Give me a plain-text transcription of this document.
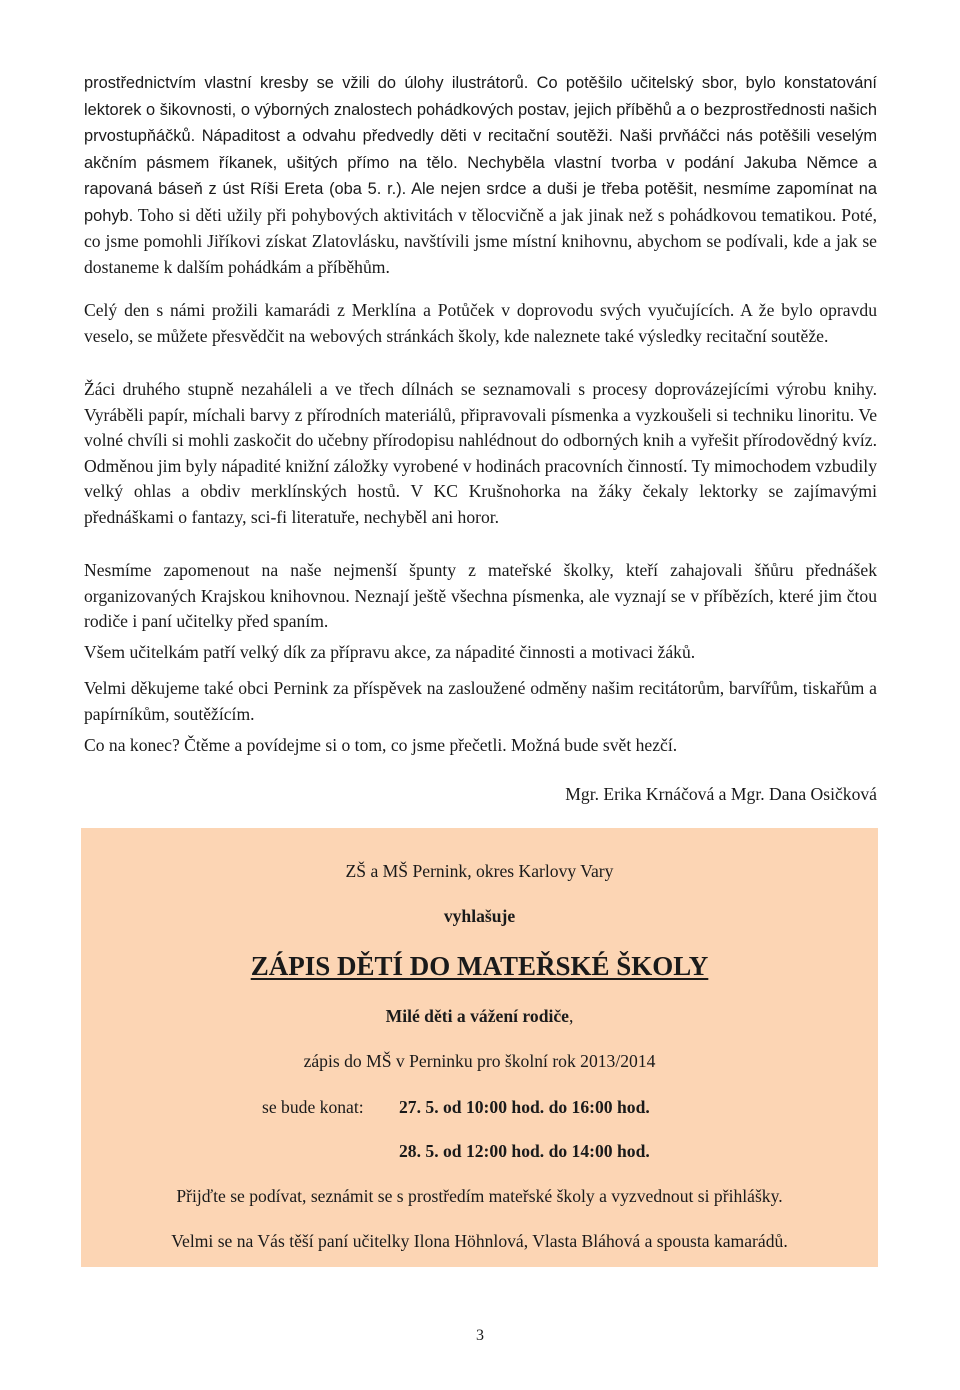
prostřednictvím vlastní kresby se vžili do úlohy ilustrátorů. Co potěšilo učitelský sbor, bylo konstatování lektorek o šikovnosti, o výborných znalostech pohádkových postav, jejich příběhů a o bezprostřednosti našich prvostupňáčků. Nápaditost a odvahu předvedly děti v recitační soutěži. Naši prvňáčci nás potěšili veselým akčním pásmem říkanek, ušitých přímo na tělo. Nechyběla vlastní tvorba v podání Jakuba Němce a rapovaná báseň z úst Ríši Ereta (oba 5. r.). Ale nejen srdce a duši je třeba potěšit, nesmíme zapomínat na pohyb. Toho si děti užily při pohybových aktivitách v tělocvičně a jak jinak než s pohádkovou tematikou. Poté, co jsme pomohli Jiříkovi získat Zlatovlásku, navštívili jsme místní knihovnu, abychom se podívali, kde a jak se dostaneme k dalším pohádkám a příběhům.

Celý den s námi prožili kamarádi z Merklína a Potůček v doprovodu svých vyučujících. A že bylo opravdu veselo, se můžete přesvědčit na webových stránkách školy, kde naleznete také výsledky recitační soutěže.

Žáci druhého stupně nezaháleli a ve třech dílnách se seznamovali s procesy doprovázejícími výrobu knihy. Vyráběli papír, míchali barvy z přírodních materiálů, připravovali písmenka a vyzkoušeli si techniku linoritu. Ve volné chvíli si mohli zaskočit do učebny přírodopisu nahlédnout do odborných knih a vyřešit přírodovědný kvíz. Odměnou jim byly nápadité knižní záložky vyrobené v hodinách pracovních činností. Ty mimochodem vzbudily velký ohlas a obdiv merklínských hostů. V KC Krušnohorka na žáky čekaly lektorky se zajímavými přednáškami o fantazy, sci-fi literatuře, nechyběl ani horor.

Nesmíme zapomenout na naše nejmenší špunty z mateřské školky, kteří zahajovali šňůru přednášek organizovaných Krajskou knihovnou. Neznají ještě všechna písmenka, ale vyznají se v příbězích, které jim čtou rodiče i paní učitelky před spaním.

Všem učitelkám patří velký dík za přípravu akce, za nápadité činnosti a motivaci žáků.

Velmi děkujeme také obci Pernink za příspěvek na zasloužené odměny našim recitátorům, barvířům, tiskařům a papírníkům, soutěžícím.

Co na konec? Čtěme a povídejme si o tom, co jsme přečetli. Možná bude svět hezčí.

Mgr. Erika Krnáčová a Mgr. Dana Osičková
ZŠ a MŠ Pernink, okres Karlovy Vary
vyhlašuje
ZÁPIS DĚTÍ DO MATEŘSKÉ ŠKOLY
Milé děti a vážení rodiče,
zápis do MŠ v Perninku pro školní rok 2013/2014
se bude konat: 27. 5. od 10:00 hod. do 16:00 hod.
28. 5. od 12:00 hod. do 14:00 hod.
Přijďte se podívat, seznámit se s prostředím mateřské školy a vyzvednout si přihlášky.
Velmi se na Vás těší paní učitelky Ilona Höhnlová, Vlasta Bláhová a spousta kamarádů.
3
